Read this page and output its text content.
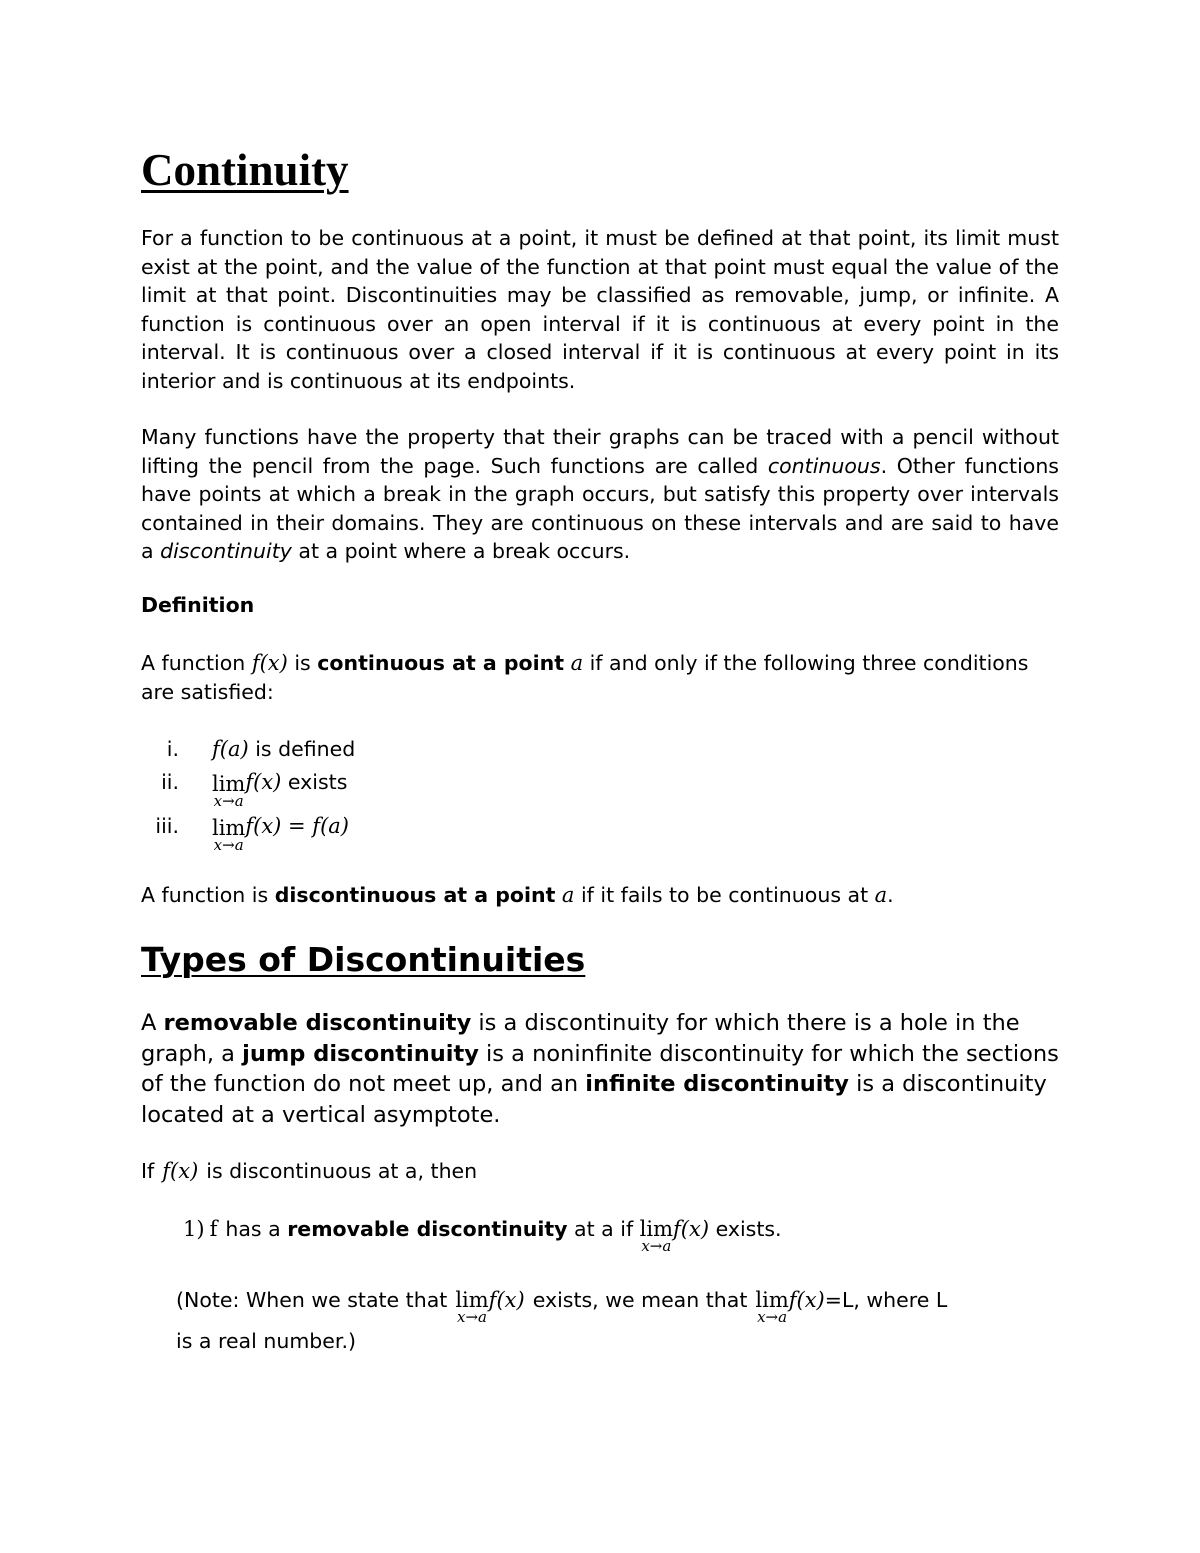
Continuity

For a function to be continuous at a point, it must be defined at that point, its limit must exist at the point, and the value of the function at that point must equal the value of the limit at that point. Discontinuities may be classified as removable, jump, or infinite. A function is continuous over an open interval if it is continuous at every point in the interval. It is continuous over a closed interval if it is continuous at every point in its interior and is continuous at its endpoints.

Many functions have the property that their graphs can be traced with a pencil without lifting the pencil from the page. Such functions are called continuous. Other functions have points at which a break in the graph occurs, but satisfy this property over intervals contained in their domains. They are continuous on these intervals and are said to have a discontinuity at a point where a break occurs.

Definition

A function f(x) is continuous at a point a if and only if the following three conditions are satisfied:

i. f(a) is defined
ii. lim
x→a
f(x) exists
iii. lim
x→a
f(x) = f(a)

A function is discontinuous at a point a if it fails to be continuous at a.

Types of Discontinuities

A removable discontinuity is a discontinuity for which there is a hole in the graph, a jump discontinuity is a noninfinite discontinuity for which the sections of the function do not meet up, and an infinite discontinuity is a discontinuity located at a vertical asymptote.

If f(x) is discontinuous at a, then

1) f has a removable discontinuity at a if lim
x→a
f(x) exists.

(Note: When we state that lim
x→a
f(x) exists, we mean that lim
x→a
f(x)=L, where L

is a real number.)
